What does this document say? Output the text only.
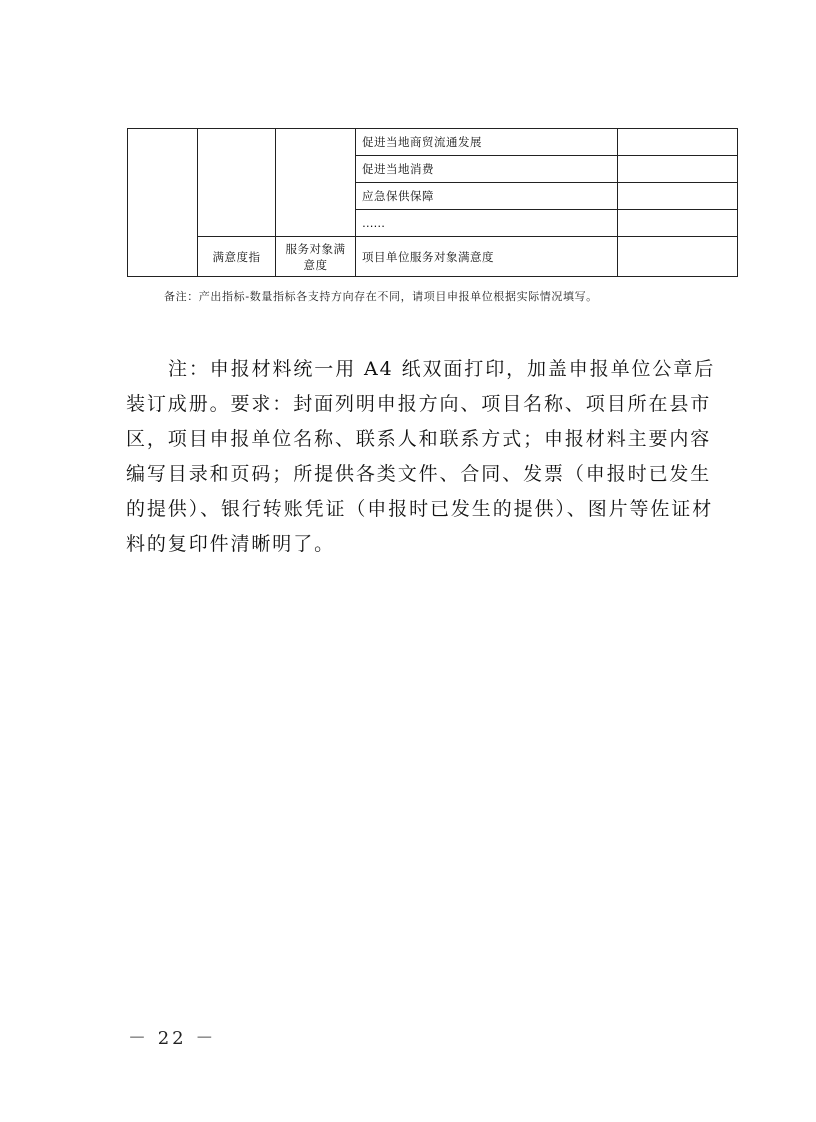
			促进当地商贸流通发展	
			促进当地消费	
			应急保供保障	
			……	
	满意度指	服务对象满意度	项目单位服务对象满意度	
备注：产出指标-数量指标各支持方向存在不同，请项目申报单位根据实际情况填写。
注：申报材料统一用 A4 纸双面打印，加盖申报单位公章后
装订成册。要求：封面列明申报方向、项目名称、项目所在县市
区，项目申报单位名称、联系人和联系方式；申报材料主要内容
编写目录和页码；所提供各类文件、合同、发票（申报时已发生
的提供）、银行转账凭证（申报时已发生的提供）、图片等佐证材
料的复印件清晰明了。
－ 22 －
